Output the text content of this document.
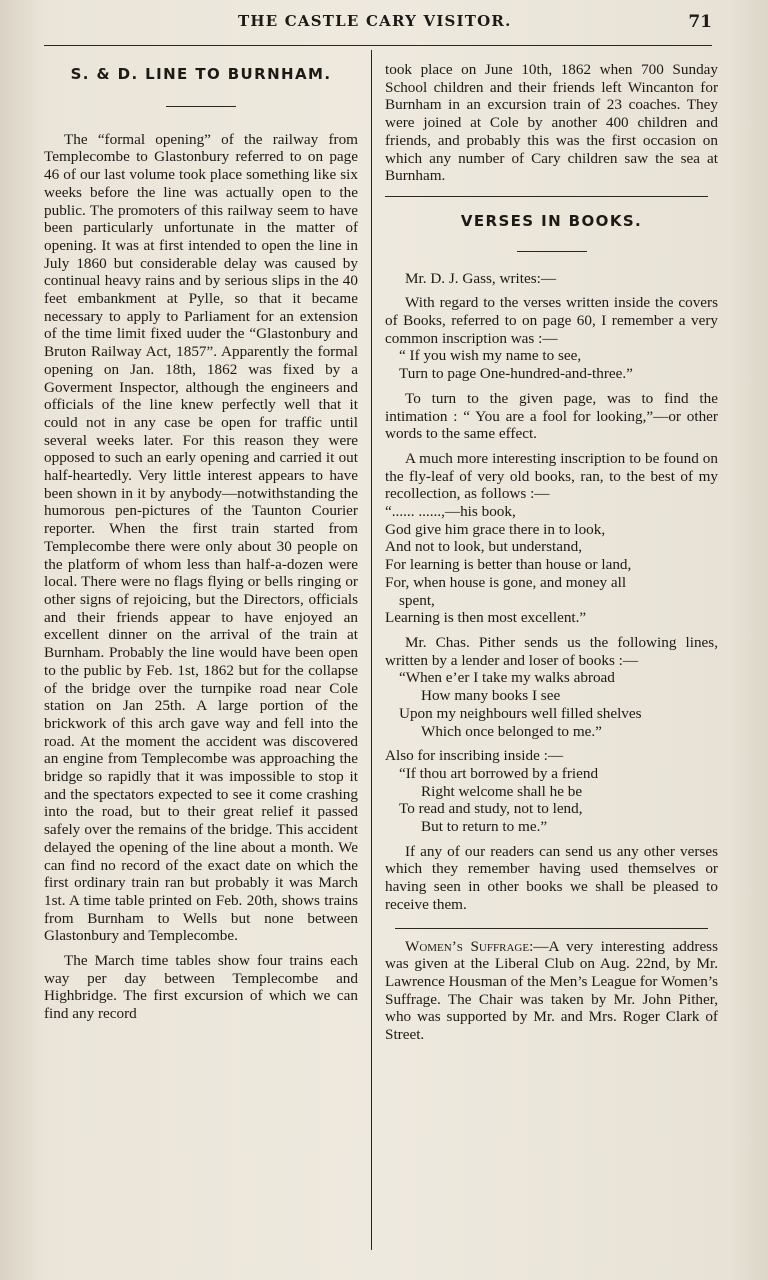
THE CASTLE CARY VISITOR.	71
S. & D. LINE TO BURNHAM.

The “formal opening” of the railway from Templecombe to Glastonbury referred to on page 46 of our last volume took place something like six weeks before the line was actually open to the public. The promoters of this railway seem to have been particularly unfortunate in the matter of opening. It was at first intended to open the line in July 1860 but considerable delay was caused by continual heavy rains and by serious slips in the 40 feet embankment at Pylle, so that it became necessary to apply to Parliament for an extension of the time limit fixed uuder the “Glastonbury and Bruton Railway Act, 1857”. Apparently the formal opening on Jan. 18th, 1862 was fixed by a Goverment Inspector, although the engineers and officials of the line knew perfectly well that it could not in any case be open for traffic until several weeks later. For this reason they were opposed to such an early opening and carried it out half-heartedly. Very little interest appears to have been shown in it by anybody—notwithstanding the humorous pen-pictures of the Taunton Courier reporter. When the first train started from Templecombe there were only about 30 people on the platform of whom less than half-a-dozen were local. There were no flags flying or bells ringing or other signs of rejoicing, but the Directors, officials and their friends appear to have enjoyed an excellent dinner on the arrival of the train at Burnham. Probably the line would have been open to the public by Feb. 1st, 1862 but for the collapse of the bridge over the turnpike road near Cole station on Jan 25th. A large portion of the brickwork of this arch gave way and fell into the road. At the moment the accident was discovered an engine from Templecombe was approaching the bridge so rapidly that it was impossible to stop it and the spectators expected to see it come crashing into the road, but to their great relief it passed safely over the remains of the bridge. This accident delayed the opening of the line about a month. We can find no record of the exact date on which the first ordinary train ran but probably it was March 1st. A time table printed on Feb. 20th, shows trains from Burnham to Wells but none between Glastonbury and Templecombe.

The March time tables show four trains each way per day between Templecombe and Highbridge. The first excursion of which we can find any record

took place on June 10th, 1862 when 700 Sunday School children and their friends left Wincanton for Burnham in an excursion train of 23 coaches. They were joined at Cole by another 400 children and friends, and probably this was the first occasion on which any number of Cary children saw the sea at Burnham.

VERSES IN BOOKS.

Mr. D. J. Gass, writes:—

With regard to the verses written inside the covers of Books, referred to on page 60, I remember a very common inscription was :—

“ If you wish my name to see,
Turn to page One-hundred-and-three.”

To turn to the given page, was to find the intimation : “ You are a fool for looking,”—or other words to the same effect.

A much more interesting inscription to be found on the fly-leaf of very old books, ran, to the best of my recollection, as follows :—

“...... ......,—his book,
God give him grace there in to look,
And not to look, but understand,
For learning is better than house or land,
For, when house is gone, and money all
spent,
Learning is then most excellent.”

Mr. Chas. Pither sends us the following lines, written by a lender and loser of books :—

“When e’er I take my walks abroad
How many books I see
Upon my neighbours well filled shelves
Which once belonged to me.”

Also for inscribing inside :—

“If thou art borrowed by a friend
Right welcome shall he be
To read and study, not to lend,
But to return to me.”

If any of our readers can send us any other verses which they remember having used themselves or having seen in other books we shall be pleased to receive them.

Women’s Suffrage:—A very interesting address was given at the Liberal Club on Aug. 22nd, by Mr. Lawrence Housman of the Men’s League for Women’s Suffrage. The Chair was taken by Mr. John Pither, who was supported by Mr. and Mrs. Roger Clark of Street.
